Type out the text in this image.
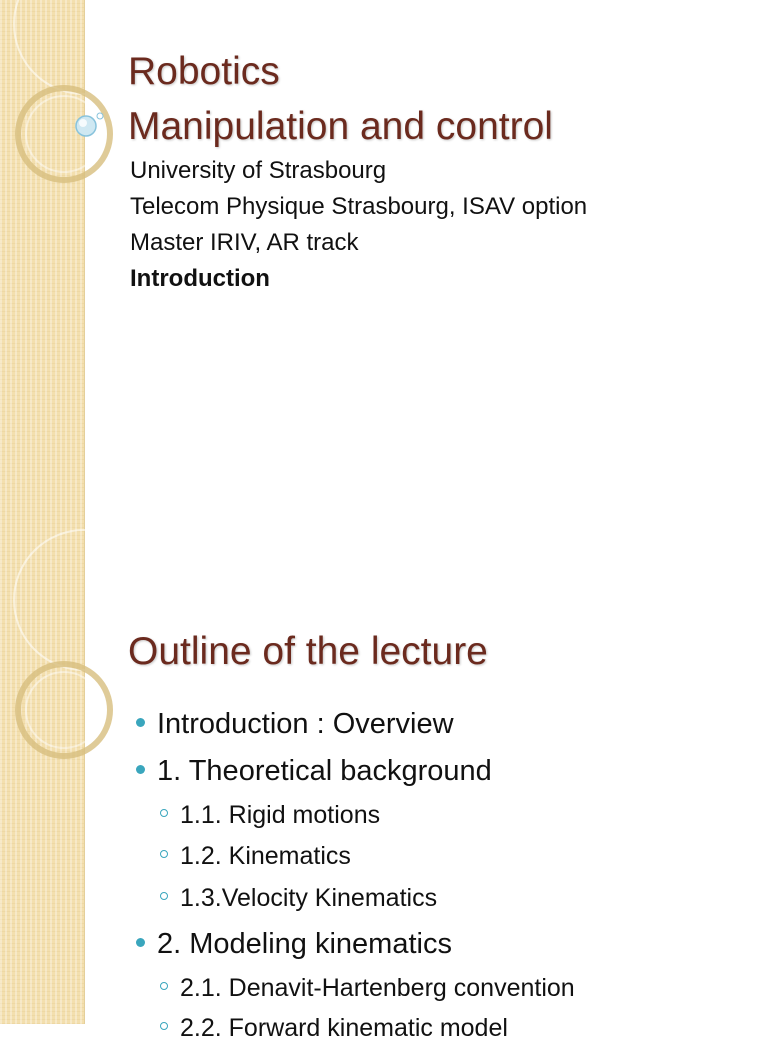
Robotics
Manipulation and control
University of Strasbourg
Telecom Physique Strasbourg, ISAV option
Master IRIV, AR track
Introduction
Outline of the lecture
Introduction : Overview
1. Theoretical background
1.1. Rigid motions
1.2. Kinematics
1.3.Velocity Kinematics
2. Modeling kinematics
2.1. Denavit-Hartenberg convention
2.2. Forward kinematic model
